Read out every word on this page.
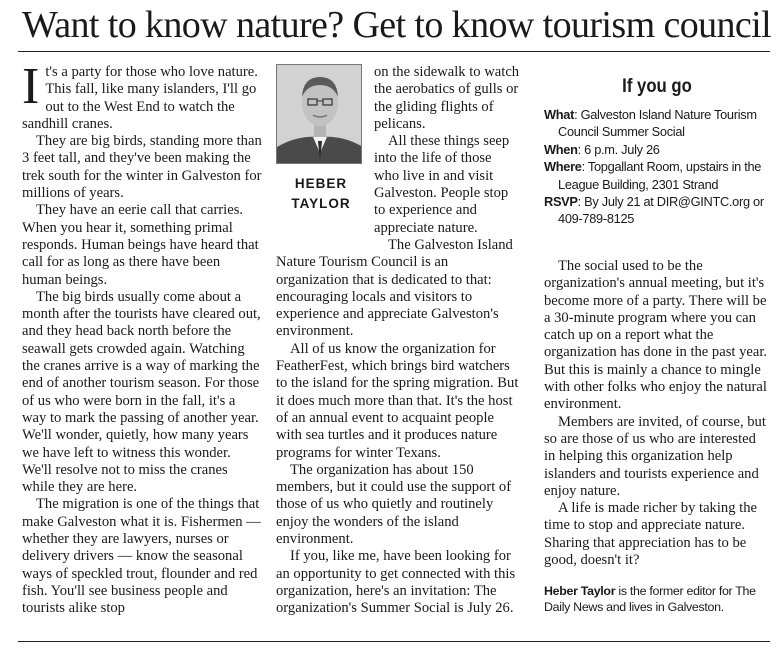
Want to know nature? Get to know tourism council

It's a party for those who love nature. This fall, like many islanders, I'll go out to the West End to watch the sandhill cranes.

They are big birds, standing more than 3 feet tall, and they've been making the trek south for the winter in Galveston for millions of years.

They have an eerie call that carries. When you hear it, something primal responds. Human beings have heard that call for as long as there have been human beings.

The big birds usually come about a month after the tourists have cleared out, and they head back north before the seawall gets crowded again. Watching the cranes arrive is a way of marking the end of another tourism season. For those of us who were born in the fall, it's a way to mark the passing of another year. We'll wonder, quietly, how many years we have left to witness this wonder. We'll resolve not to miss the cranes while they are here.

The migration is one of the things that make Galveston what it is. Fishermen — whether they are lawyers, nurses or delivery drivers — know the seasonal ways of speckled trout, flounder and red fish. You'll see business people and tourists alike stop

HEBER
TAYLOR

on the sidewalk to watch the aerobatics of gulls or the gliding flights of pelicans.

All these things seep into the life of those who live in and visit Galveston. People stop to experience and appreciate nature.

The Galveston Island Nature Tourism Council is an organization that is dedicated to that: encouraging locals and visitors to experience and appreciate Galveston's environment.

All of us know the organization for FeatherFest, which brings bird watchers to the island for the spring migration. But it does much more than that. It's the host of an annual event to acquaint people with sea turtles and it produces nature programs for winter Texans.

The organization has about 150 members, but it could use the support of those of us who quietly and routinely enjoy the wonders of the island environment.

If you, like me, have been looking for an opportunity to get connected with this organization, here's an invitation: The organization's Summer Social is July 26.

If you go
What: Galveston Island Nature Tourism Council Summer Social
When: 6 p.m. July 26
Where: Topgallant Room, upstairs in the League Building, 2301 Strand
RSVP: By July 21 at DIR@GINTC.org or 409-789-8125

The social used to be the organization's annual meeting, but it's become more of a party. There will be a 30-minute program where you can catch up on a report what the organization has done in the past year. But this is mainly a chance to mingle with other folks who enjoy the natural environment.

Members are invited, of course, but so are those of us who are interested in helping this organization help islanders and tourists experience and enjoy nature.

A life is made richer by taking the time to stop and appreciate nature. Sharing that appreciation has to be good, doesn't it?

Heber Taylor is the former editor for The Daily News and lives in Galveston.
